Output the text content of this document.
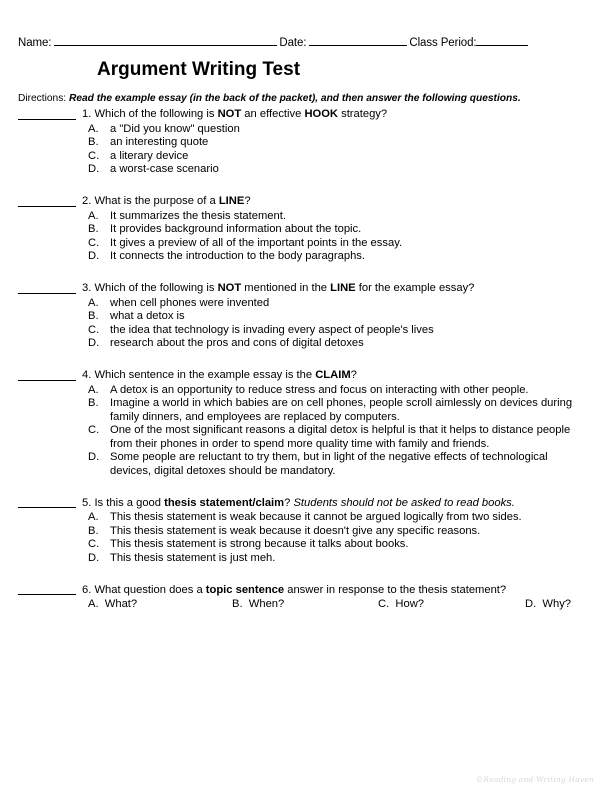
Name:	Date:	Class Period:
Argument Writing Test
Directions: Read the example essay (in the back of the packet), and then answer the following questions.
1. Which of the following is NOT an effective HOOK strategy?
A. a "Did you know" question
B. an interesting quote
C. a literary device
D. a worst-case scenario
2. What is the purpose of a LINE?
A. It summarizes the thesis statement.
B. It provides background information about the topic.
C. It gives a preview of all of the important points in the essay.
D. It connects the introduction to the body paragraphs.
3. Which of the following is NOT mentioned in the LINE for the example essay?
A. when cell phones were invented
B. what a detox is
C. the idea that technology is invading every aspect of people's lives
D. research about the pros and cons of digital detoxes
4. Which sentence in the example essay is the CLAIM?
A. A detox is an opportunity to reduce stress and focus on interacting with other people.
B. Imagine a world in which babies are on cell phones, people scroll aimlessly on devices during family dinners, and employees are replaced by computers.
C. One of the most significant reasons a digital detox is helpful is that it helps to distance people from their phones in order to spend more quality time with family and friends.
D. Some people are reluctant to try them, but in light of the negative effects of technological devices, digital detoxes should be mandatory.
5. Is this a good thesis statement/claim? Students should not be asked to read books.
A. This thesis statement is weak because it cannot be argued logically from two sides.
B. This thesis statement is weak because it doesn't give any specific reasons.
C. This thesis statement is strong because it talks about books.
D. This thesis statement is just meh.
6. What question does a topic sentence answer in response to the thesis statement?
A. What?	B. When?	C. How?	D. Why?
©Reading and Writing Haven
